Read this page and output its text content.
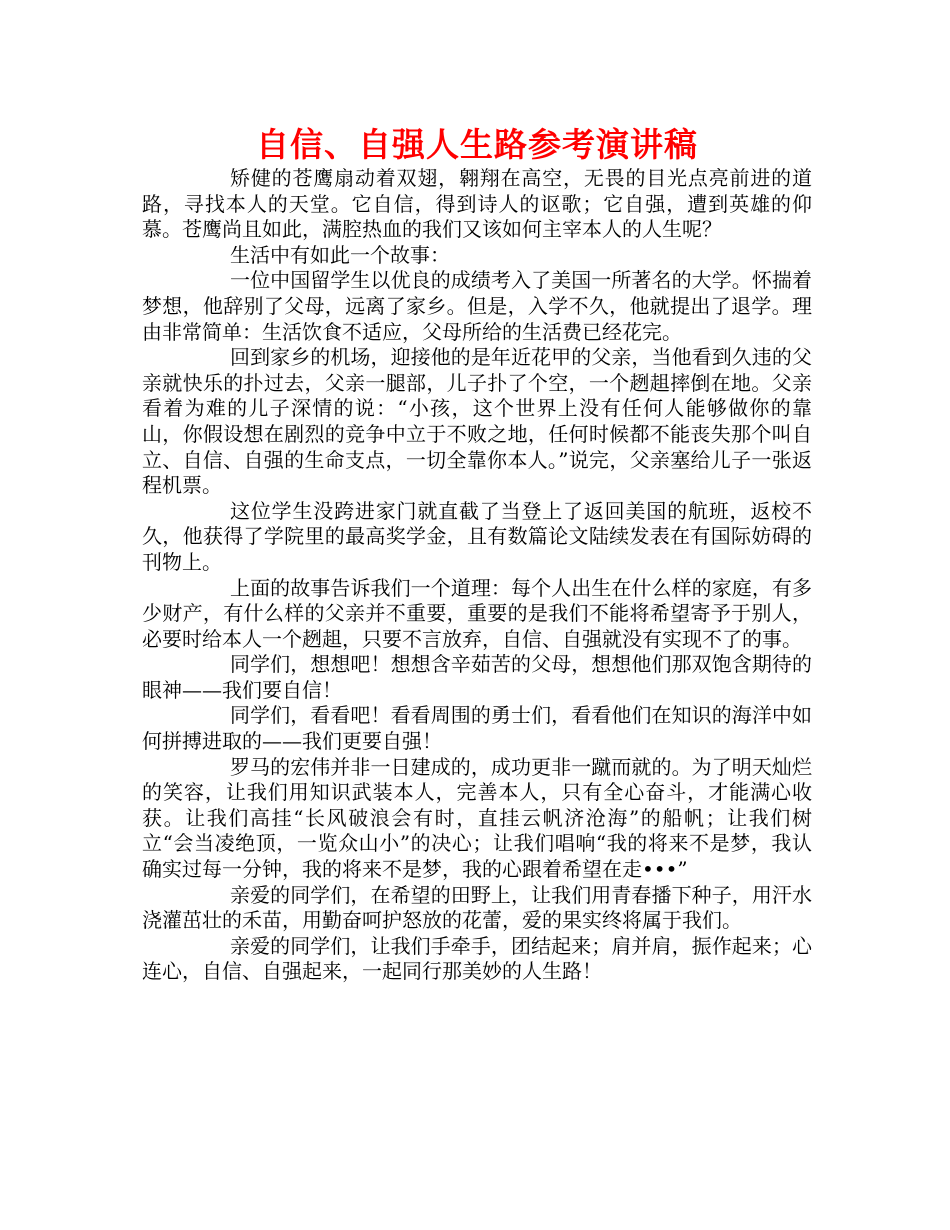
自信、自强人生路参考演讲稿

矫健的苍鹰扇动着双翅，翱翔在高空，无畏的目光点亮前进的道路，寻找本人的天堂。它自信，得到诗人的讴歌；它自强，遭到英雄的仰慕。苍鹰尚且如此，满腔热血的我们又该如何主宰本人的人生呢？

生活中有如此一个故事：

一位中国留学生以优良的成绩考入了美国一所著名的大学。怀揣着梦想，他辞别了父母，远离了家乡。但是，入学不久，他就提出了退学。理由非常简单：生活饮食不适应，父母所给的生活费已经花完。

回到家乡的机场，迎接他的是年近花甲的父亲，当他看到久违的父亲就快乐的扑过去，父亲一腿部，儿子扑了个空，一个趔趄摔倒在地。父亲看着为难的儿子深情的说：“小孩，这个世界上没有任何人能够做你的靠山，你假设想在剧烈的竞争中立于不败之地，任何时候都不能丧失那个叫自立、自信、自强的生命支点，一切全靠你本人。”说完，父亲塞给儿子一张返程机票。

这位学生没跨进家门就直截了当登上了返回美国的航班，返校不久，他获得了学院里的最高奖学金，且有数篇论文陆续发表在有国际妨碍的刊物上。

上面的故事告诉我们一个道理：每个人出生在什么样的家庭，有多少财产，有什么样的父亲并不重要，重要的是我们不能将希望寄予于别人，必要时给本人一个趔趄，只要不言放弃，自信、自强就没有实现不了的事。

同学们，想想吧！想想含辛茹苦的父母，想想他们那双饱含期待的眼神——我们要自信！

同学们，看看吧！看看周围的勇士们，看看他们在知识的海洋中如何拼搏进取的——我们更要自强！

罗马的宏伟并非一日建成的，成功更非一蹴而就的。为了明天灿烂的笑容，让我们用知识武装本人，完善本人，只有全心奋斗，才能满心收获。让我们高挂“长风破浪会有时，直挂云帆济沧海”的船帆；让我们树立“会当凌绝顶，一览众山小”的决心；让我们唱响“我的将来不是梦，我认确实过每一分钟，我的将来不是梦，我的心跟着希望在走•••”

亲爱的同学们，在希望的田野上，让我们用青春播下种子，用汗水浇灌茁壮的禾苗，用勤奋呵护怒放的花蕾，爱的果实终将属于我们。

亲爱的同学们，让我们手牵手，团结起来；肩并肩，振作起来；心连心，自信、自强起来，一起同行那美妙的人生路！
